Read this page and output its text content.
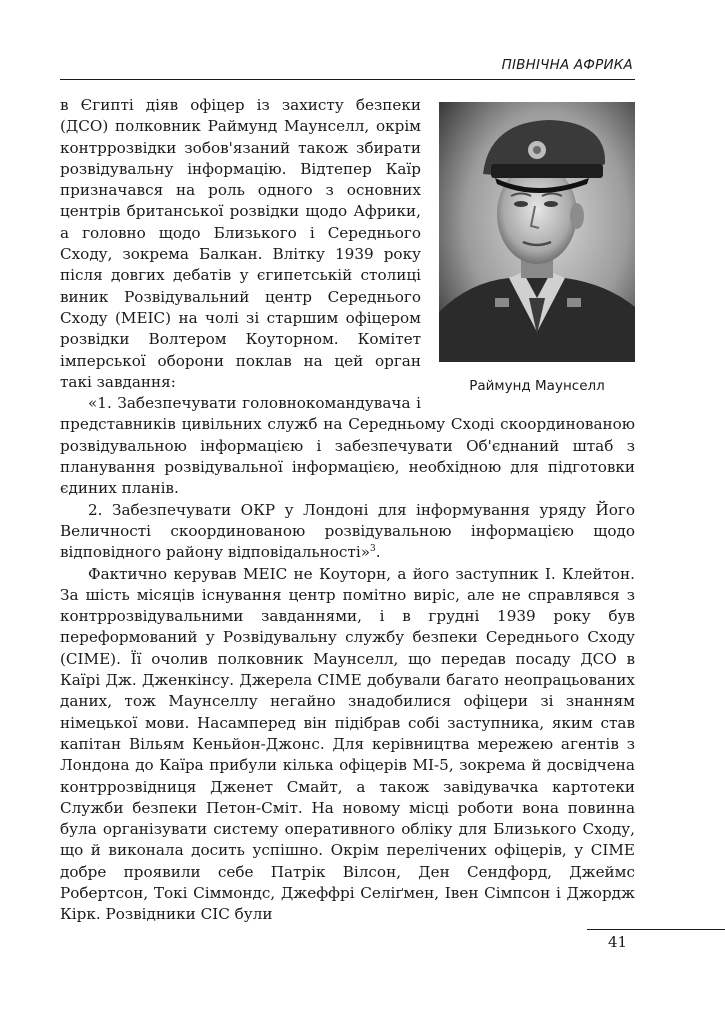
ПІВНІЧНА АФРИКА
Раймунд Маунселл

в Єгипті діяв офіцер із захисту безпеки (ДСО) полковник Раймунд Маунселл, окрім контррозвідки зобов'язаний також збирати розвідувальну інформацію. Відтепер Каїр призначався на роль одного з основних центрів британської розвідки щодо Африки, а головно щодо Близького і Середнього Сходу, зокрема Балкан. Влітку 1939 року після довгих дебатів у єгипетській столиці виник Розвідувальний центр Середнього Сходу (МЕІС) на чолі зі старшим офіцером розвідки Волтером Коуторном. Комітет імперської оборони поклав на цей орган такі завдання:

«1. Забезпечувати головнокомандувача і представників цивільних служб на Середньому Сході скоординованою розвідувальною інформацією і забезпечувати Об'єднаний штаб з планування розвідувальної інформацією, необхідною для підготовки єдиних планів.

2. Забезпечувати ОКР у Лондоні для інформування уряду Його Величності скоординованою розвідувальною інформацією щодо відповідного району відповідальності»$^3$.

Фактично керував МЕІС не Коуторн, а його заступник І. Клейтон. За шість місяців існування центр помітно виріс, але не справлявся з контррозвідувальними завданнями, і в грудні 1939 року був переформований у Розвідувальну службу безпеки Середнього Сходу (СІМЕ). Її очолив полковник Маунселл, що передав посаду ДСО в Каїрі Дж. Дженкінсу. Джерела СІМЕ добували багато неопрацьованих даних, тож Маунселлу негайно знадобилися офіцери зі знанням німецької мови. Насамперед він підібрав собі заступника, яким став капітан Вільям Кеньйон-Джонс. Для керівництва мережею агентів з Лондона до Каїра прибули кілька офіцерів МІ-5, зокрема й досвідчена контррозвідниця Дженет Смайт, а також завідувачка картотеки Служби безпеки Петон-Сміт. На новому місці роботи вона повинна була організувати систему оперативного обліку для Близького Сходу, що й виконала досить успішно. Окрім перелічених офіцерів, у СІМЕ добре проявили себе Патрік Вілсон, Ден Сендфорд, Джеймс Робертсон, Токі Сіммондс, Джеффрі Селіґмен, Івен Сімпсон і Джордж Кірк. Розвідники СІС були

41
